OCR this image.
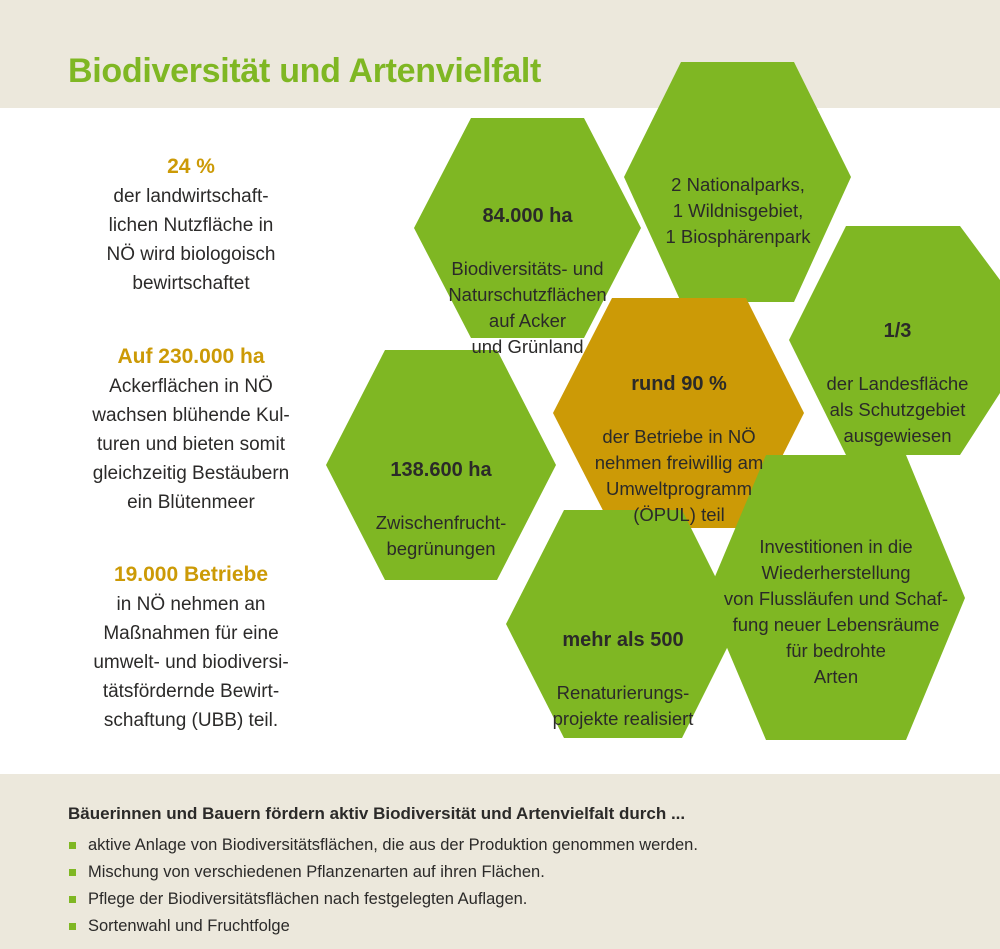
Biodiversität und Artenvielfalt
24 %
der landwirtschaft-
lichen Nutzfläche in
NÖ wird biologoisch
bewirtschaftet
Auf 230.000 ha
Ackerflächen in NÖ
wachsen blühende Kul-
turen und bieten somit
gleichzeitig Bestäubern
ein Blütenmeer
19.000 Betriebe
in NÖ nehmen an
Maßnahmen für eine
umwelt- und biodiversi-
tätsfördernde Bewirt-
schaftung (UBB) teil.

84.000 ha

Biodiversitäts- und
Naturschutzflächen
auf Acker
und Grünland

2 Nationalparks,
1 Wildnisgebiet,
1 Biosphärenpark

1/3

der Landesfläche
als Schutzgebiet
ausgewiesen

138.600 ha

Zwischenfrucht-
begrünungen

rund 90 %

der Betriebe in NÖ
nehmen freiwillig am
Umweltprogramm
(ÖPUL) teil

Investitionen in die
Wiederherstellung
von Flussläufen und Schaf-
fung neuer Lebensräume
für bedrohte
Arten

mehr als 500

Renaturierungs-
projekte realisiert

Bäuerinnen und Bauern fördern aktiv Biodiversität und Artenvielfalt durch ...
aktive Anlage von Biodiversitätsflächen, die aus der Produktion genommen werden.
Mischung von verschiedenen Pflanzenarten auf ihren Flächen.
Pflege der Biodiversitätsflächen nach festgelegten Auflagen.
Sortenwahl und Fruchtfolge
